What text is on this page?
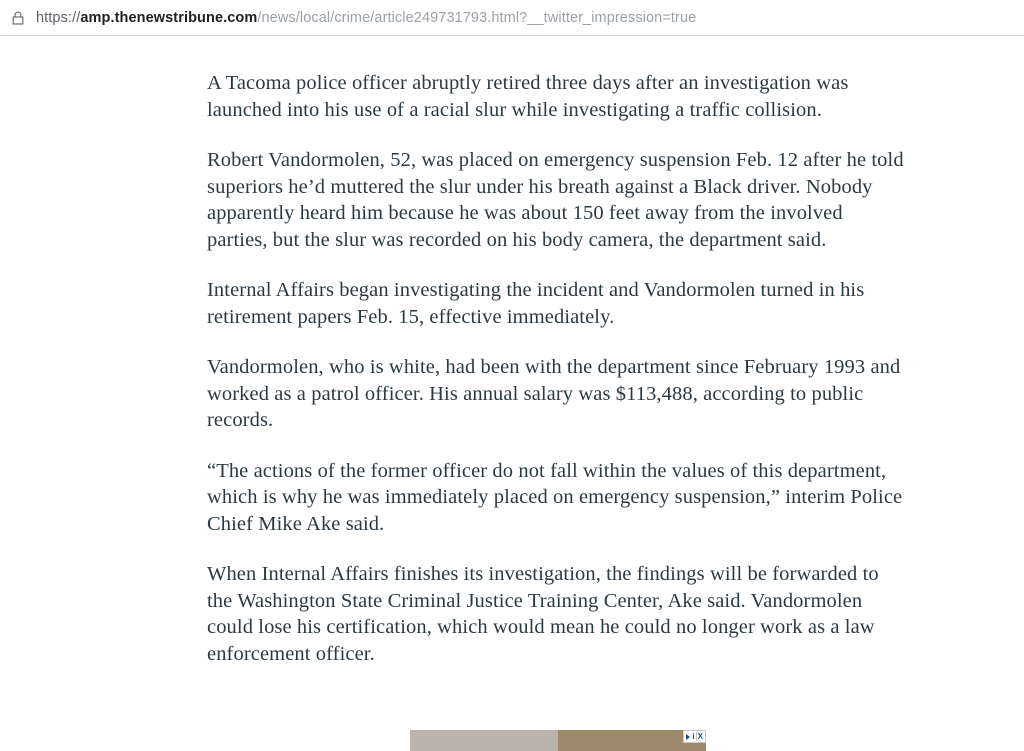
https://amp.thenewstribune.com/news/local/crime/article249731793.html?__twitter_impression=true

A Tacoma police officer abruptly retired three days after an investigation was launched into his use of a racial slur while investigating a traffic collision.

Robert Vandormolen, 52, was placed on emergency suspension Feb. 12 after he told superiors he’d muttered the slur under his breath against a Black driver. Nobody apparently heard him because he was about 150 feet away from the involved parties, but the slur was recorded on his body camera, the department said.

Internal Affairs began investigating the incident and Vandormolen turned in his retirement papers Feb. 15, effective immediately.

Vandormolen, who is white, had been with the department since February 1993 and worked as a patrol officer. His annual salary was $113,488, according to public records.

“The actions of the former officer do not fall within the values of this department, which is why he was immediately placed on emergency suspension,” interim Police Chief Mike Ake said.

When Internal Affairs finishes its investigation, the findings will be forwarded to the Washington State Criminal Justice Training Center, Ake said. Vandormolen could lose his certification, which would mean he could no longer work as a law enforcement officer.

i X
